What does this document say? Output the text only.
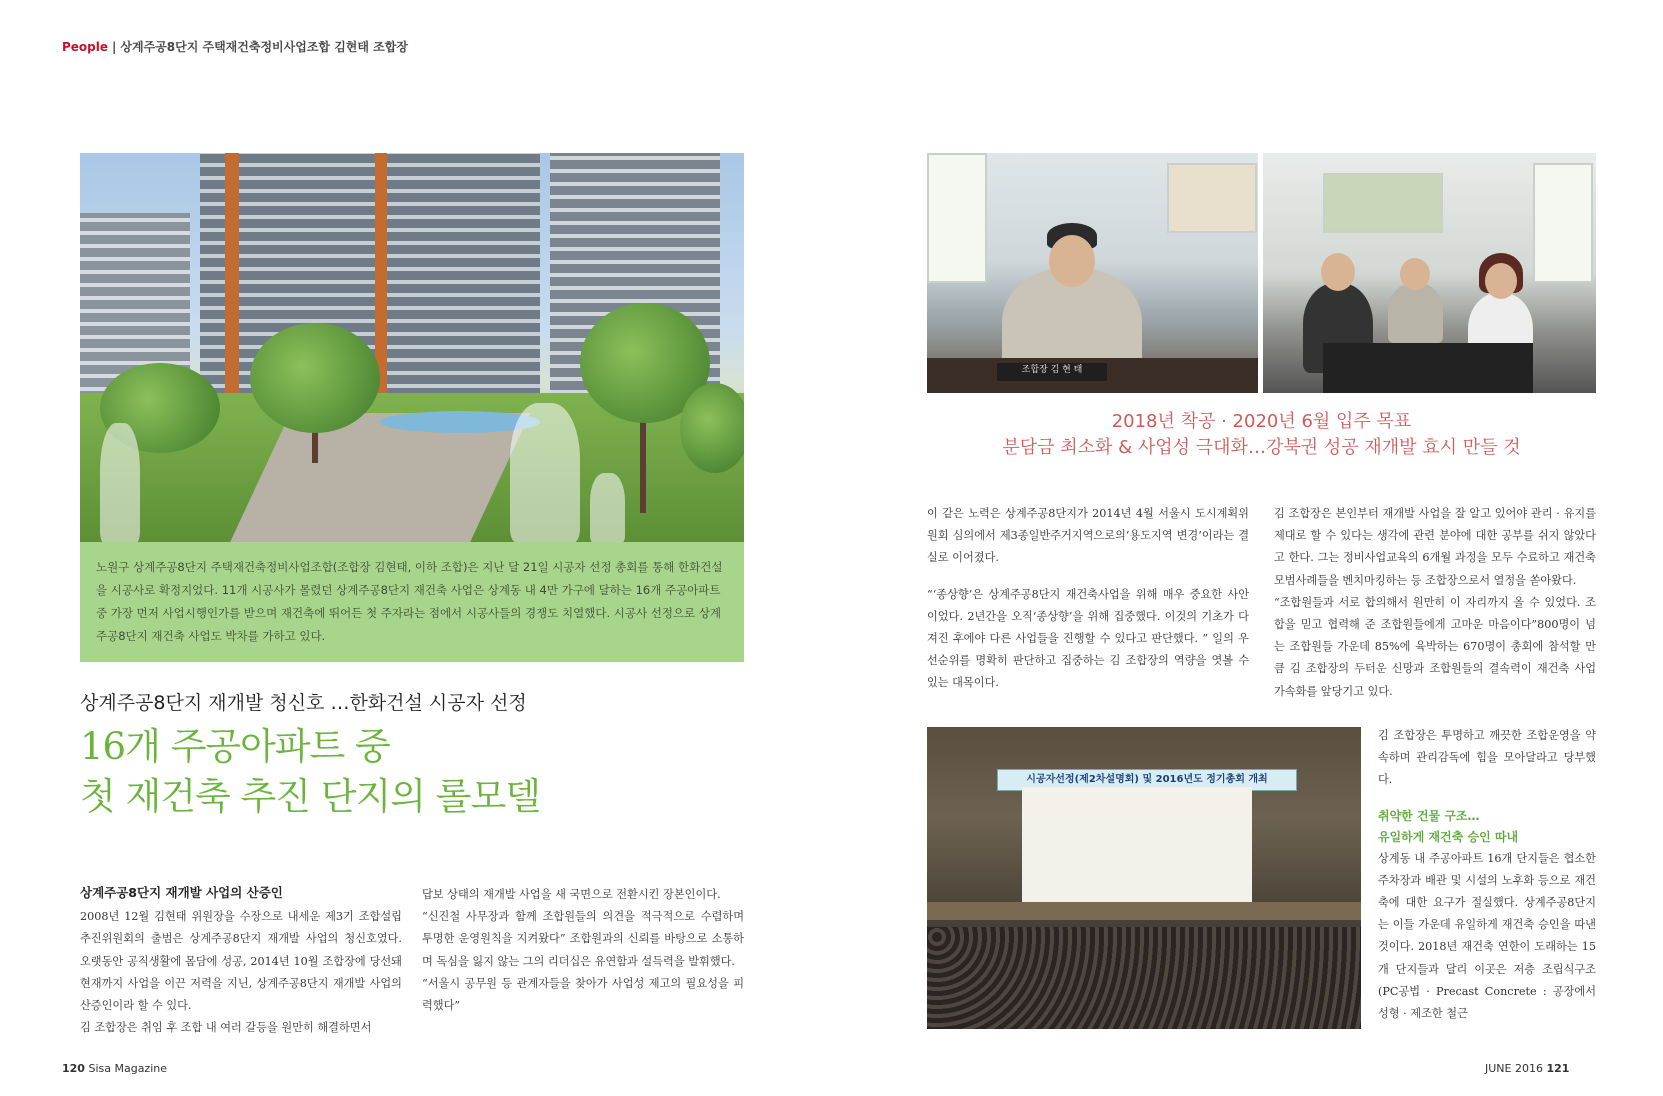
People | 상계주공8단지 주택재건축정비사업조합 김현태 조합장

노원구 상계주공8단지 주택재건축정비사업조합(조합장 김현태, 이하 조합)은 지난 달 21일 시공자 선정 총회를 통해 한화건설을 시공사로 확정지었다. 11개 시공사가 몰렸던 상계주공8단지 재건축 사업은 상계동 내 4만 가구에 달하는 16개 주공아파트 중 가장 먼저 사업시행인가를 받으며 재건축에 뛰어든 첫 주자라는 점에서 시공사들의 경쟁도 치열했다. 시공사 선정으로 상계주공8단지 재건축 사업도 박차를 가하고 있다.

상계주공8단지 재개발 청신호 …한화건설 시공자 선정
16개 주공아파트 중
첫 재건축 추진 단지의 롤모델
상계주공8단지 재개발 사업의 산증인

2008년 12월 김현태 위원장을 수장으로 내세운 제3기 조합설립추진위원회의 출범은 상계주공8단지 재개발 사업의 청신호였다. 오랫동안 공직생활에 몸담에 성공, 2014년 10월 조합장에 당선돼 현재까지 사업을 이끈 저력을 지닌, 상계주공8단지 재개발 사업의 산증인이라 할 수 있다.

김 조합장은 취임 후 조합 내 여러 갈등을 원만히 해결하면서

답보 상태의 재개발 사업을 새 국면으로 전환시킨 장본인이다.

“신진철 사무장과 함께 조합원들의 의견을 적극적으로 수렴하며 투명한 운영원칙을 지켜왔다” 조합원과의 신뢰를 바탕으로 소통하며 독심을 잃지 않는 그의 리더십은 유연함과 설득력을 발휘했다.

“서울시 공무원 등 관계자들을 찾아가 사업성 제고의 필요성을 피력했다”

120 Sisa Magazine
조합장 김 현 태
2018년 착공 · 2020년 6월 입주 목표
분담금 최소화 & 사업성 극대화…강북권 성공 재개발 효시 만들 것

이 같은 노력은 상계주공8단지가 2014년 4월 서울시 도시계획위원회 심의에서 제3종일반주거지역으로의‘용도지역 변경’이라는 결실로 이어졌다.

“‘종상향’은 상계주공8단지 재건축사업을 위해 매우 중요한 사안이었다. 2년간을 오직‘종상향’을 위해 집중했다. 이것의 기초가 다져진 후에야 다른 사업들을 진행할 수 있다고 판단했다. ” 일의 우선순위를 명확히 판단하고 집중하는 김 조합장의 역량을 엿볼 수 있는 대목이다.

김 조합장은 본인부터 재개발 사업을 잘 알고 있어야 관리 · 유지를 제대로 할 수 있다는 생각에 관련 분야에 대한 공부를 쉬지 않았다고 한다. 그는 정비사업교육의 6개월 과정을 모두 수료하고 재건축 모범사례들을 벤치마킹하는 등 조합장으로서 열정을 쏟아왔다.

“조합원들과 서로 합의해서 원만히 이 자리까지 올 수 있었다. 조합을 믿고 협력해 준 조합원들에게 고마운 마음이다”800명이 넘는 조합원들 가운데 85%에 육박하는 670명이 총회에 참석할 만큼 김 조합장의 두터운 신망과 조합원들의 결속력이 재건축 사업 가속화를 앞당기고 있다.

김 조합장은 투명하고 깨끗한 조합운영을 약속하며 관리감독에 힘을 모아달라고 당부했다.

취약한 건물 구조…
유일하게 재건축 승인 따내

상계동 내 주공아파트 16개 단지들은 협소한 주차장과 배관 및 시설의 노후화 등으로 재건축에 대한 요구가 절실했다. 상계주공8단지는 이들 가운데 유일하게 재건축 승인을 따낸 것이다. 2018년 재건축 연한이 도래하는 15개 단지들과 달리 이곳은 저층 조립식구조(PC공법 · Precast Concrete : 공장에서 성형 · 제조한 철근

시공자선정(제2차설명회) 및 2016년도 정기총회 개최
JUNE 2016 121
